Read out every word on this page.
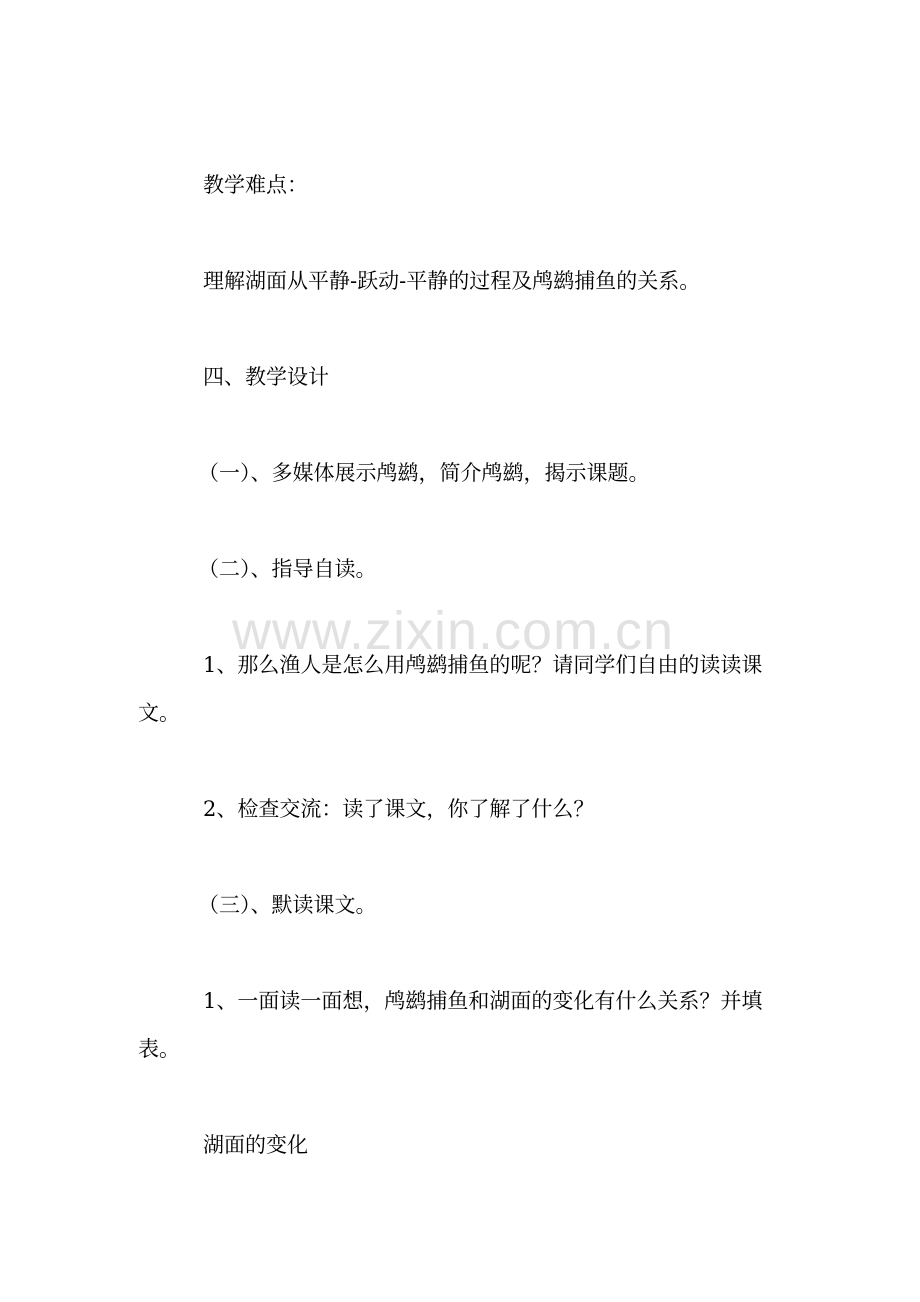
教学难点：

理解湖面从平静-跃动-平静的过程及鸬鹚捕鱼的关系。

四、教学设计

（一）、多媒体展示鸬鹚，简介鸬鹚，揭示课题。

（二）、指导自读。

1、那么渔人是怎么用鸬鹚捕鱼的呢？请同学们自由的读读课文。

2、检查交流：读了课文，你了解了什么？

（三）、默读课文。

1、一面读一面想，鸬鹚捕鱼和湖面的变化有什么关系？并填表。

湖面的变化

www.zixin.com.cn
